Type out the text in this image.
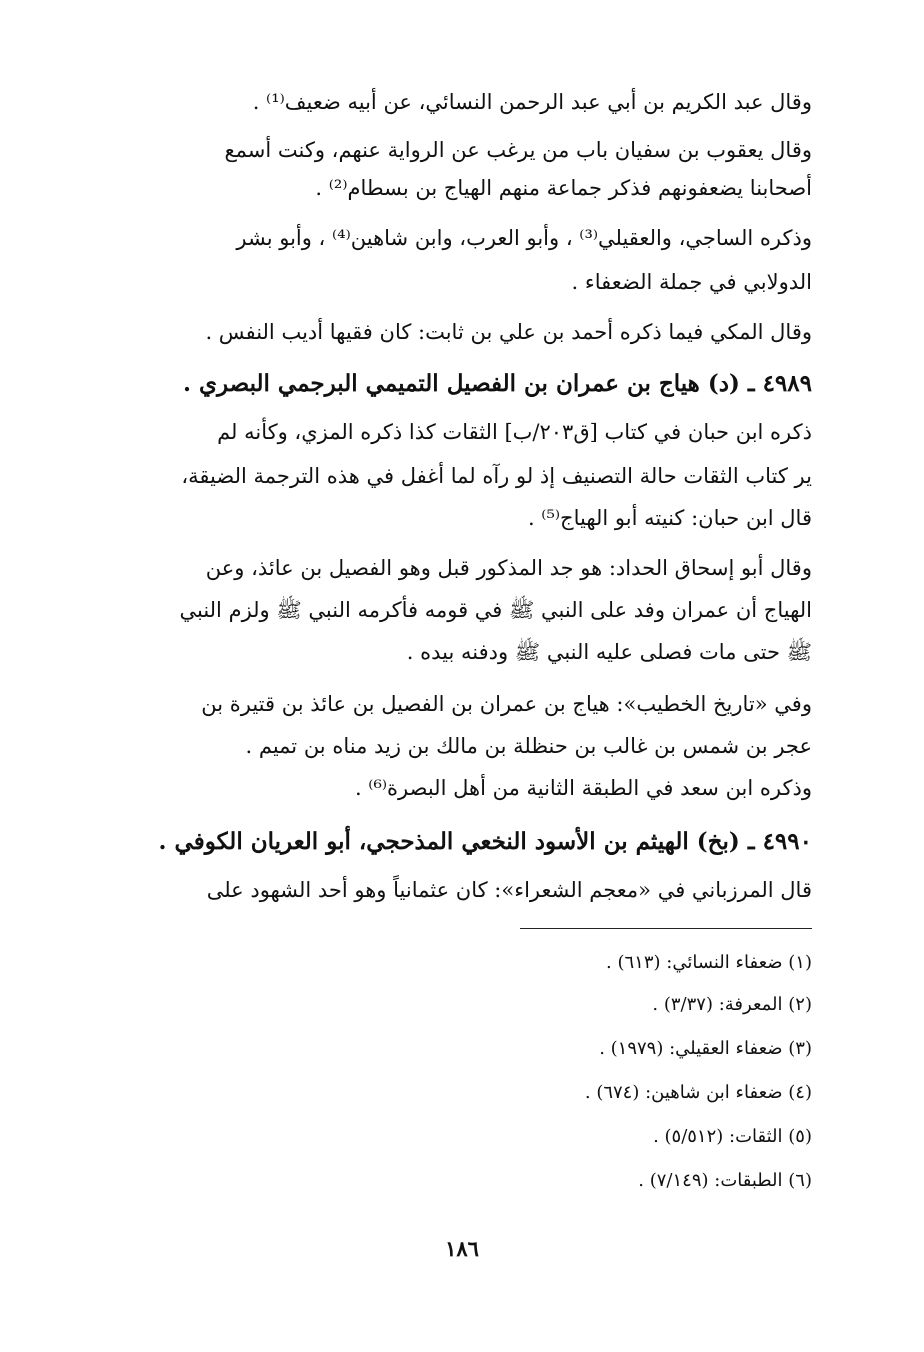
وقال عبد الكريم بن أبي عبد الرحمن النسائي، عن أبيه ضعيف⁽¹⁾ .
وقال يعقوب بن سفيان باب من يرغب عن الرواية عنهم، وكنت أسمع
أصحابنا يضعفونهم فذكر جماعة منهم الهياج بن بسطام⁽²⁾ .
وذكره الساجي، والعقيلي⁽³⁾ ، وأبو العرب، وابن شاهين⁽⁴⁾ ، وأبو بشر
الدولابي في جملة الضعفاء .
وقال المكي فيما ذكره أحمد بن علي بن ثابت: كان فقيها أديب النفس .
٤٩٨٩ ـ (د) هياج بن عمران بن الفصيل التميمي البرجمي البصري .
ذكره ابن حبان في كتاب [ق٢٠٣/ب] الثقات كذا ذكره المزي، وكأنه لم
ير كتاب الثقات حالة التصنيف إذ لو رآه لما أغفل في هذه الترجمة الضيقة،
قال ابن حبان: كنيته أبو الهياج⁽⁵⁾ .
وقال أبو إسحاق الحداد: هو جد المذكور قبل وهو الفصيل بن عائذ، وعن
الهياج أن عمران وفد على النبي ﷺ في قومه فأكرمه النبي ﷺ ولزم النبي
ﷺ حتى مات فصلى عليه النبي ﷺ ودفنه بيده .
وفي «تاريخ الخطيب»: هياج بن عمران بن الفصيل بن عائذ بن قتيرة بن
عجر بن شمس بن غالب بن حنظلة بن مالك بن زيد مناه بن تميم .
وذكره ابن سعد في الطبقة الثانية من أهل البصرة⁽⁶⁾ .
٤٩٩٠ ـ (بخ) الهيثم بن الأسود النخعي المذحجي، أبو العريان الكوفي .
قال المرزباني في «معجم الشعراء»: كان عثمانياً وهو أحد الشهود على
(١) ضعفاء النسائي: (٦١٣) .
(٢) المعرفة: (٣/٣٧) .
(٣) ضعفاء العقيلي: (١٩٧٩) .
(٤) ضعفاء ابن شاهين: (٦٧٤) .
(٥) الثقات: (٥/٥١٢) .
(٦) الطبقات: (٧/١٤٩) .
١٨٦
